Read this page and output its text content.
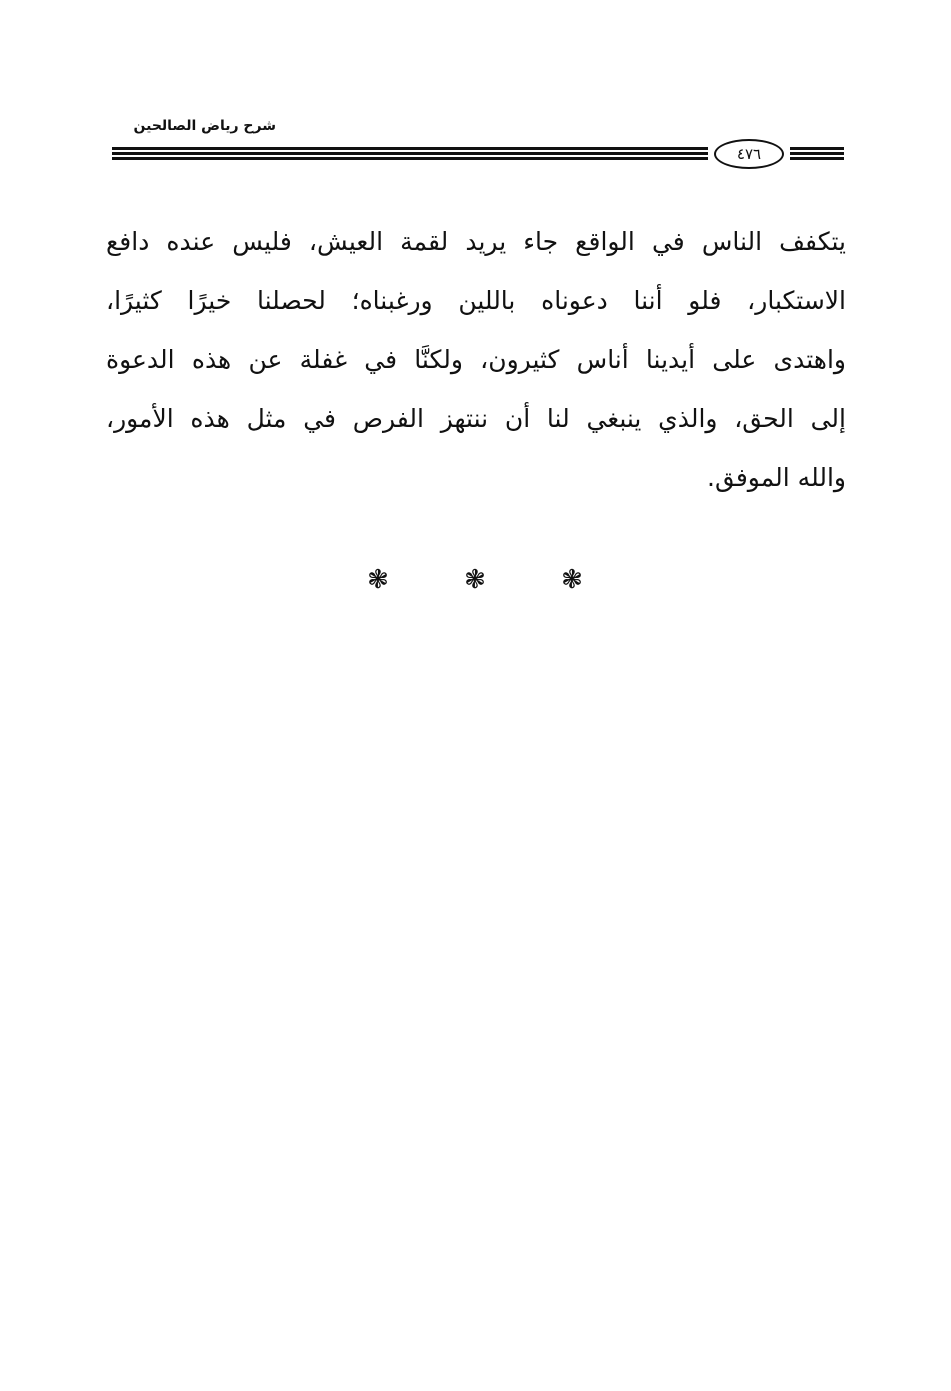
شرح رياض الصالحين
٤٧٦
يتكفف الناس في الواقع جاء يريد لقمة العيش، فليس عنده دافع
الاستكبار، فلو أننا دعوناه باللين ورغبناه؛ لحصلنا خيرًا كثيرًا،
واهتدى على أيدينا أناس كثيرون، ولكنَّا في غفلة عن هذه الدعوة
إلى الحق، والذي ينبغي لنا أن ننتهز الفرص في مثل هذه الأمور،
والله الموفق.
❃	❃	❃
